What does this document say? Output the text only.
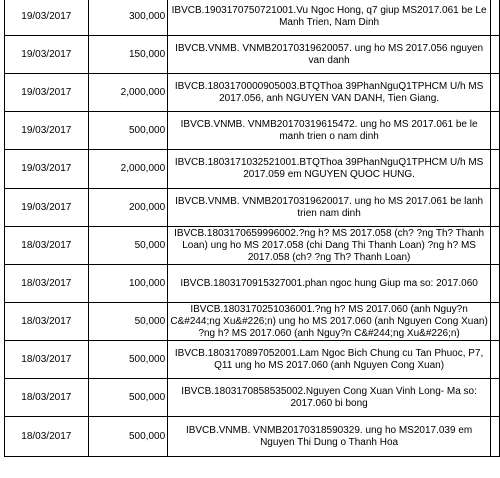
19/03/2017	300,000	IBVCB.1903170750721001.Vu Ngoc Hong, q7 giup MS2017.061 be Le Manh Trien, Nam Dinh	
19/03/2017	150,000	IBVCB.VNMB. VNMB20170319620057. ung ho MS 2017.056 nguyen van danh	
19/03/2017	2,000,000	IBVCB.1803170000905003.BTQThoa 39PhanNguQ1TPHCM U/h MS 2017.056, anh NGUYEN VAN DANH, Tien Giang.	
19/03/2017	500,000	IBVCB.VNMB. VNMB20170319615472. ung ho MS 2017.061 be le manh trien o nam dinh	
19/03/2017	2,000,000	IBVCB.1803171032521001.BTQThoa 39PhanNguQ1TPHCM U/h MS 2017.059 em NGUYEN QUOC HUNG.	
19/03/2017	200,000	IBVCB.VNMB. VNMB20170319620017. ung ho MS 2017.061 be lanh trien nam dinh	
18/03/2017	50,000	IBVCB.1803170659996002.?ng h? MS 2017.058 (ch? ?ng Th? Thanh Loan) ung ho MS 2017.058 (chi Dang Thi Thanh Loan) ?ng h? MS 2017.058 (ch? ?ng Th? Thanh Loan)	
18/03/2017	100,000	IBVCB.1803170915327001.phan ngoc hung Giup ma so: 2017.060	
18/03/2017	50,000	IBVCB.1803170251036001.?ng h? MS 2017.060 (anh Nguy?n C&#244;ng Xu&#226;n) ung ho MS 2017.060 (anh Nguyen Cong Xuan) ?ng h? MS 2017.060 (anh Nguy?n C&#244;ng Xu&#226;n)	
18/03/2017	500,000	IBVCB.1803170897052001.Lam Ngoc Bich Chung cu Tan Phuoc, P7, Q11 ung ho MS 2017.060 (anh Nguyen Cong Xuan)	
18/03/2017	500,000	IBVCB.1803170858535002.Nguyen Cong Xuan Vinh Long- Ma so: 2017.060 bi bong	
18/03/2017	500,000	IBVCB.VNMB. VNMB20170318590329. ung ho MS2017.039 em Nguyen Thi Dung o Thanh Hoa	
